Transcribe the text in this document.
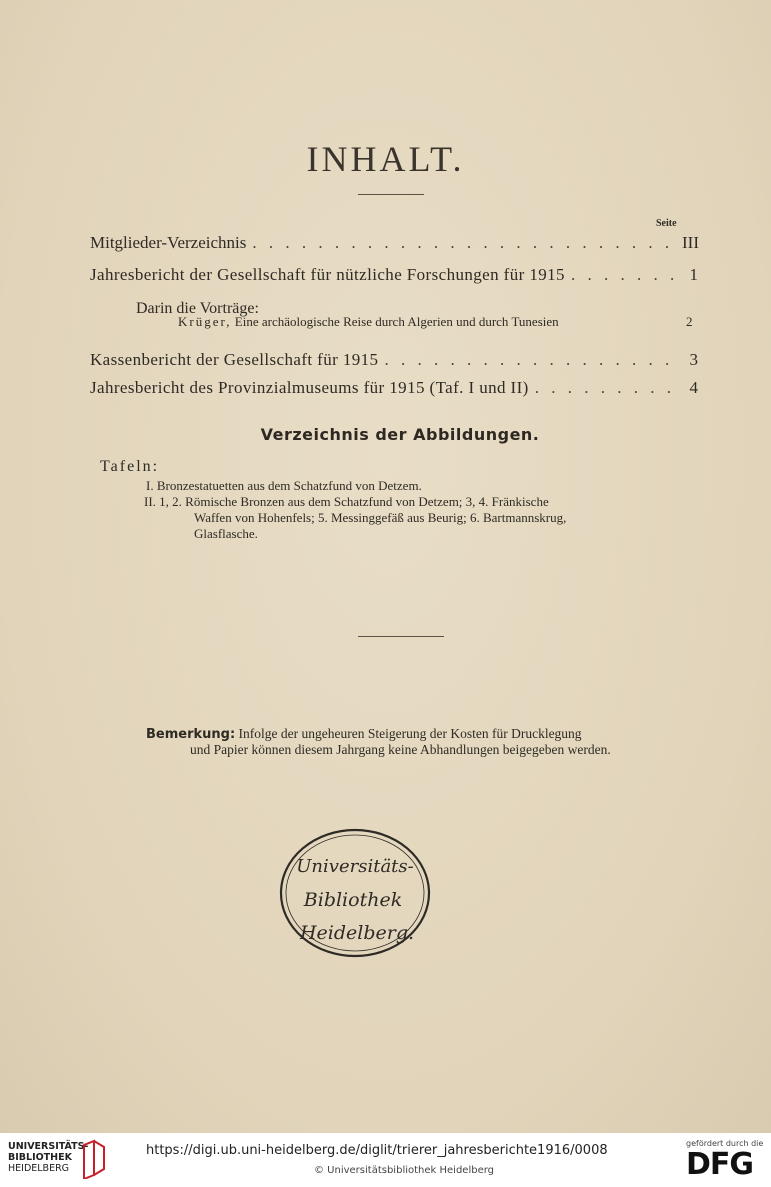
INHALT.
Seite
Mitglieder-Verzeichnis . . .	III
Jahresbericht der Gesellschaft für nützliche Forschungen für 1915 . . .	1
Darin die Vorträge:
Krüger, Eine archäologische Reise durch Algerien und durch Tunesien	2
Kassenbericht der Gesellschaft für 1915 . . .	3
Jahresbericht des Provinzialmuseums für 1915 (Taf. I und II) . . .	4
Verzeichnis der Abbildungen.
Tafeln:
I. Bronzestatuetten aus dem Schatzfund von Detzem.
II. 1, 2. Römische Bronzen aus dem Schatzfund von Detzem; 3, 4. Fränkische
Waffen von Hohenfels; 5. Messinggefäß aus Beurig; 6. Bartmannskrug,
Glasflasche.
Bemerkung: Infolge der ungeheuren Steigerung der Kosten für Drucklegung
und Papier können diesem Jahrgang keine Abhandlungen beigegeben werden.
Universitäts-
Bibliothek
Heidelberg.
UNIVERSITÄTS-
BIBLIOTHEK
HEIDELBERG
https://digi.ub.uni-heidelberg.de/diglit/trierer_jahresberichte1916/0008
© Universitätsbibliothek Heidelberg
gefördert durch die
DFG
